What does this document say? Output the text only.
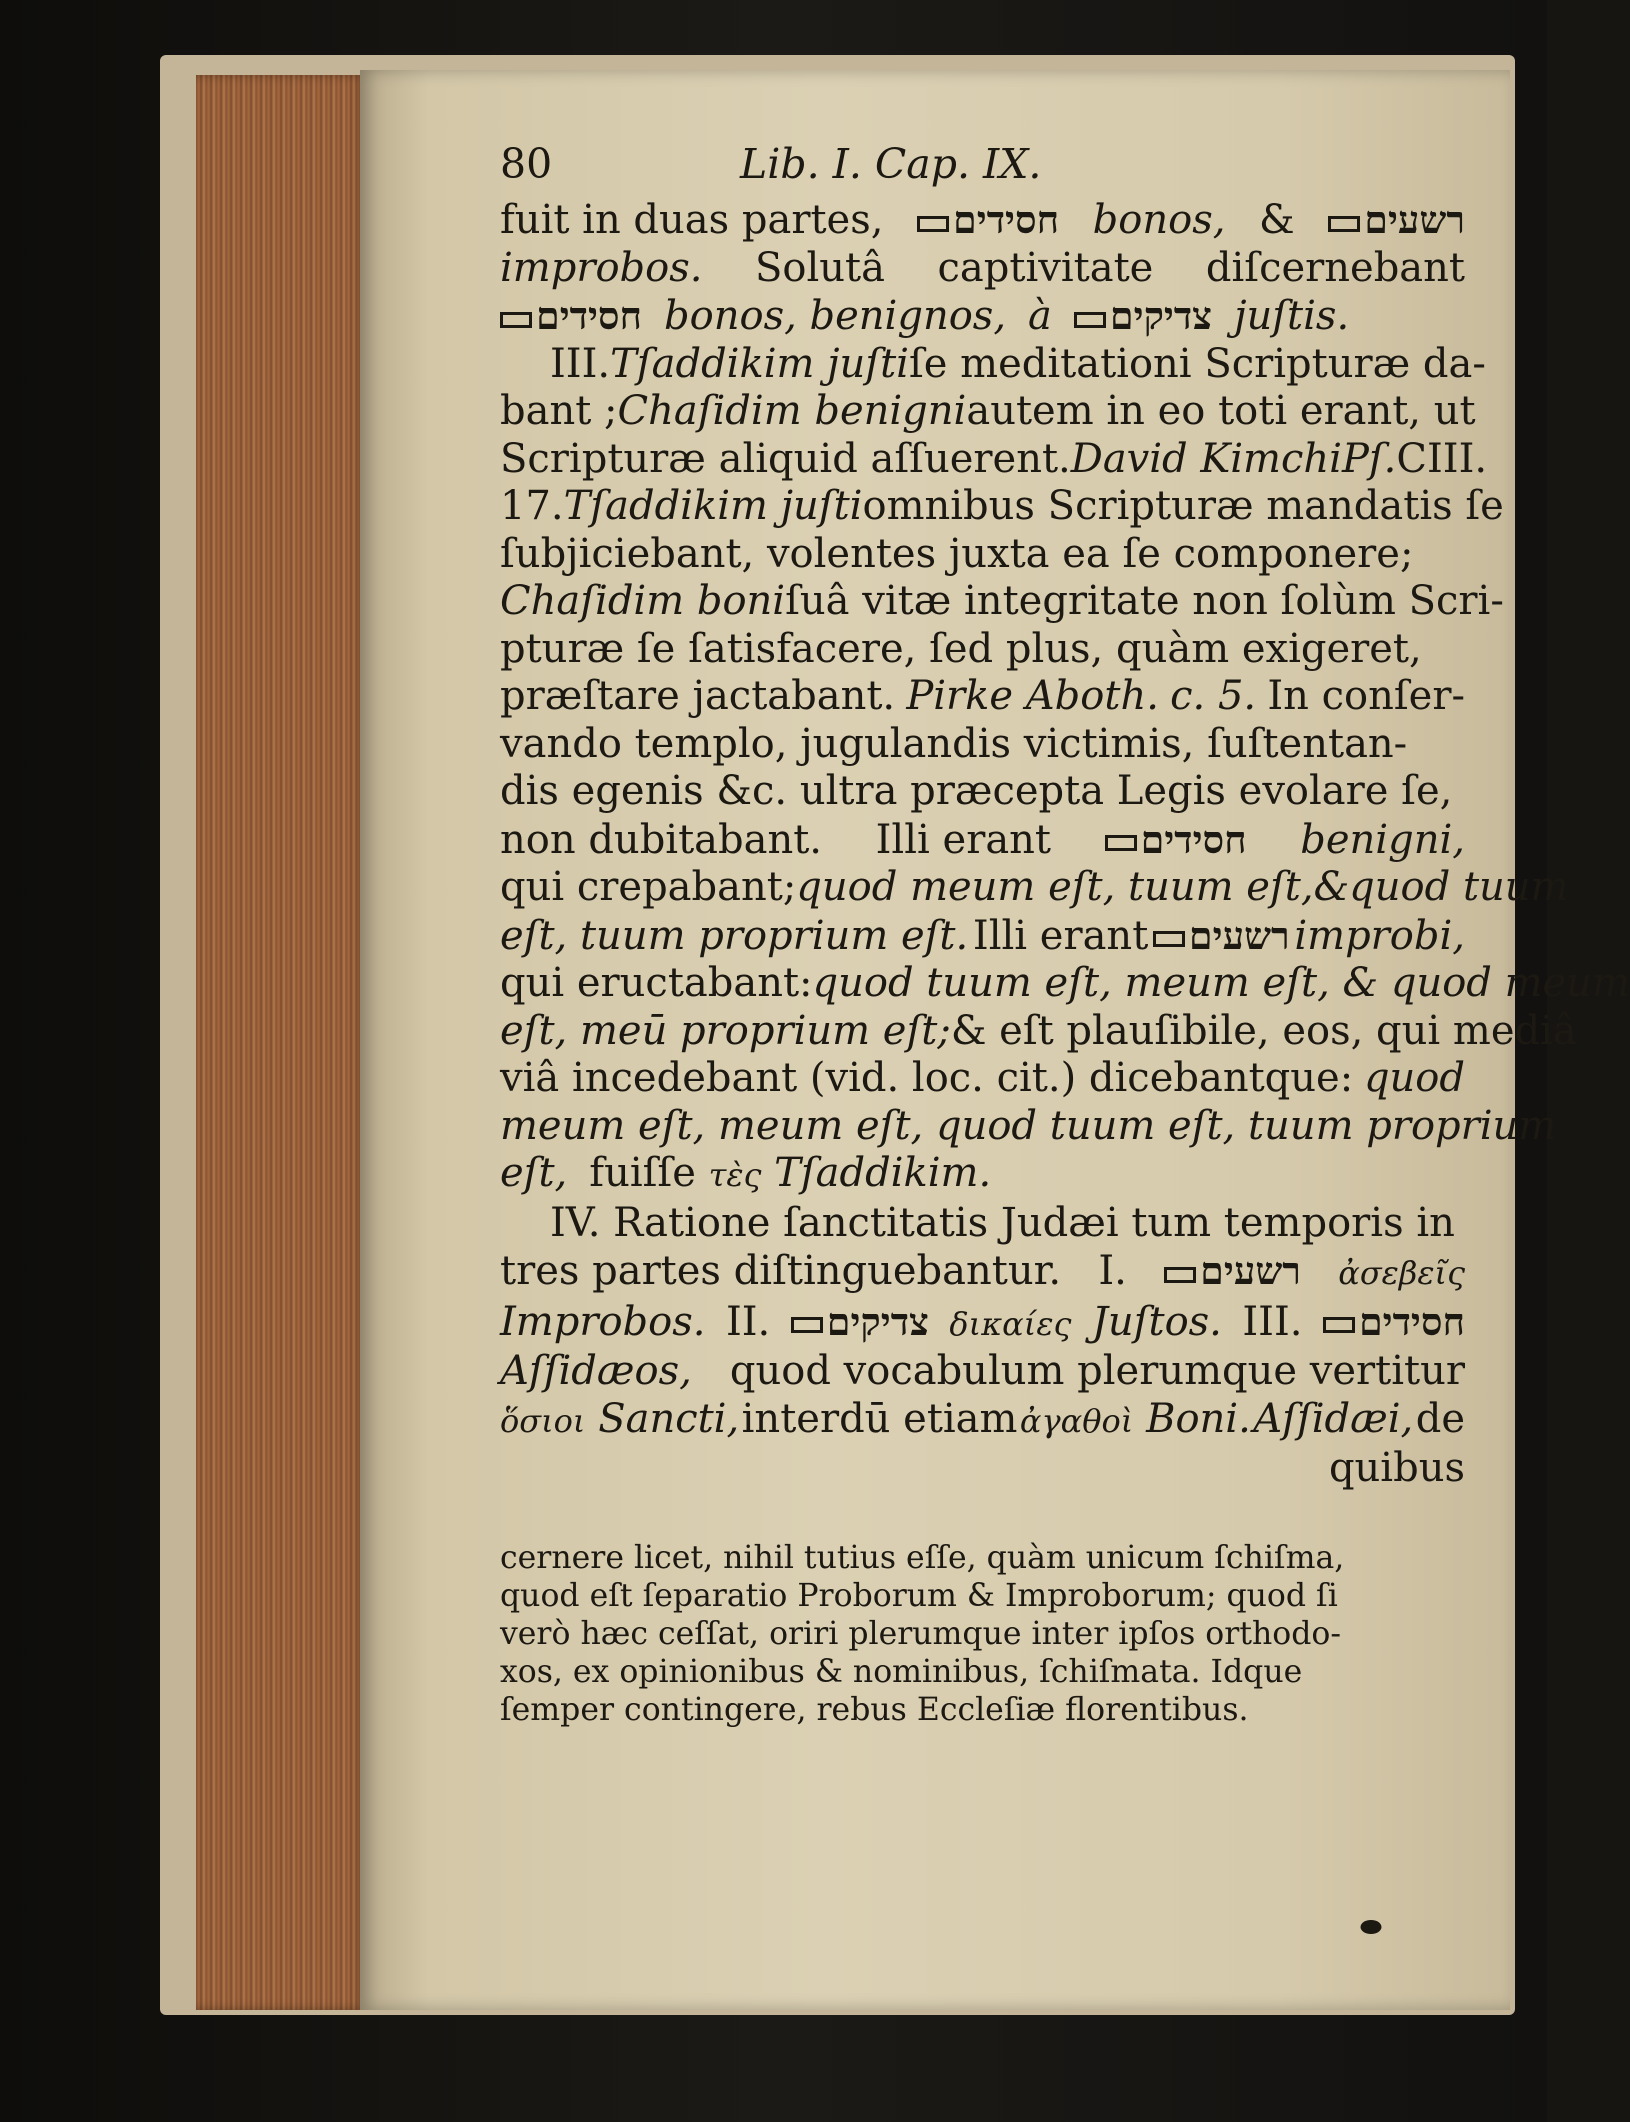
80	Lib. I. Cap. IX.
fuit in duas partes,	חסידים bonos, &	רשעים
improbos. Solutâ captivitate diſcernebant
חסידים bonos, benignos, à	צדיקים juſtis.
III. Tſaddikim juſti ſe meditationi Scripturæ da-
bant ; Chaſidim benigni autem in eo toti erant, ut
Scripturæ aliquid aſſuerent. David Kimchi Pſ.CIII.
17. Tſaddikim juſti omnibus Scripturæ mandatis ſe
ſubjiciebant, volentes juxta ea ſe componere;
Chaſidim boni ſuâ vitæ integritate non ſolùm Scri-
pturæ ſe ſatisfacere, ſed plus, quàm exigeret,
præſtare jactabant. Pirke Aboth. c. 5. In conſer-
vando templo, jugulandis victimis, ſuſtentan-
dis egenis &c. ultra præcepta Legis evolare ſe,
non dubitabant. Illi erant	חסידים benigni,
qui crepabant;quod meum eſt, tuum eſt, & quod tuum
eſt, tuum proprium eſt. Illi erant	רשעים improbi,
qui eructabant: quod tuum eſt, meum eſt, & quod meum
eſt, meū proprium eſt; & eſt plauſibile, eos, qui mediâ
viâ incedebant (vid. loc. cit.) dicebantque: quod
meum eſt, meum eſt, quod tuum eſt, tuum proprium
eſt, fuiſſe τὲς Tſaddikim.
IV. Ratione ſanctitatis Judæi tum temporis in
tres partes diſtinguebantur. I.	רשעים ἀσεβεῖς
Improbos. II.	צדיקים δικαίες Juſtos. III.	חסידים
Aſſidæos, quod vocabulum plerumque vertitur
ὅσιοι Sancti, interdū etiam ἀγαθοὶ Boni. Aſſidæi, de
quibus
cernere licet, nihil tutius eſſe, quàm unicum ſchiſma,
quod eſt ſeparatio Proborum & Improborum; quod ſi
verò hæc ceſſat, oriri plerumque inter ipſos orthodo-
xos, ex opinionibus & nominibus, ſchiſmata. Idque
ſemper contingere, rebus Eccleſiæ florentibus.
